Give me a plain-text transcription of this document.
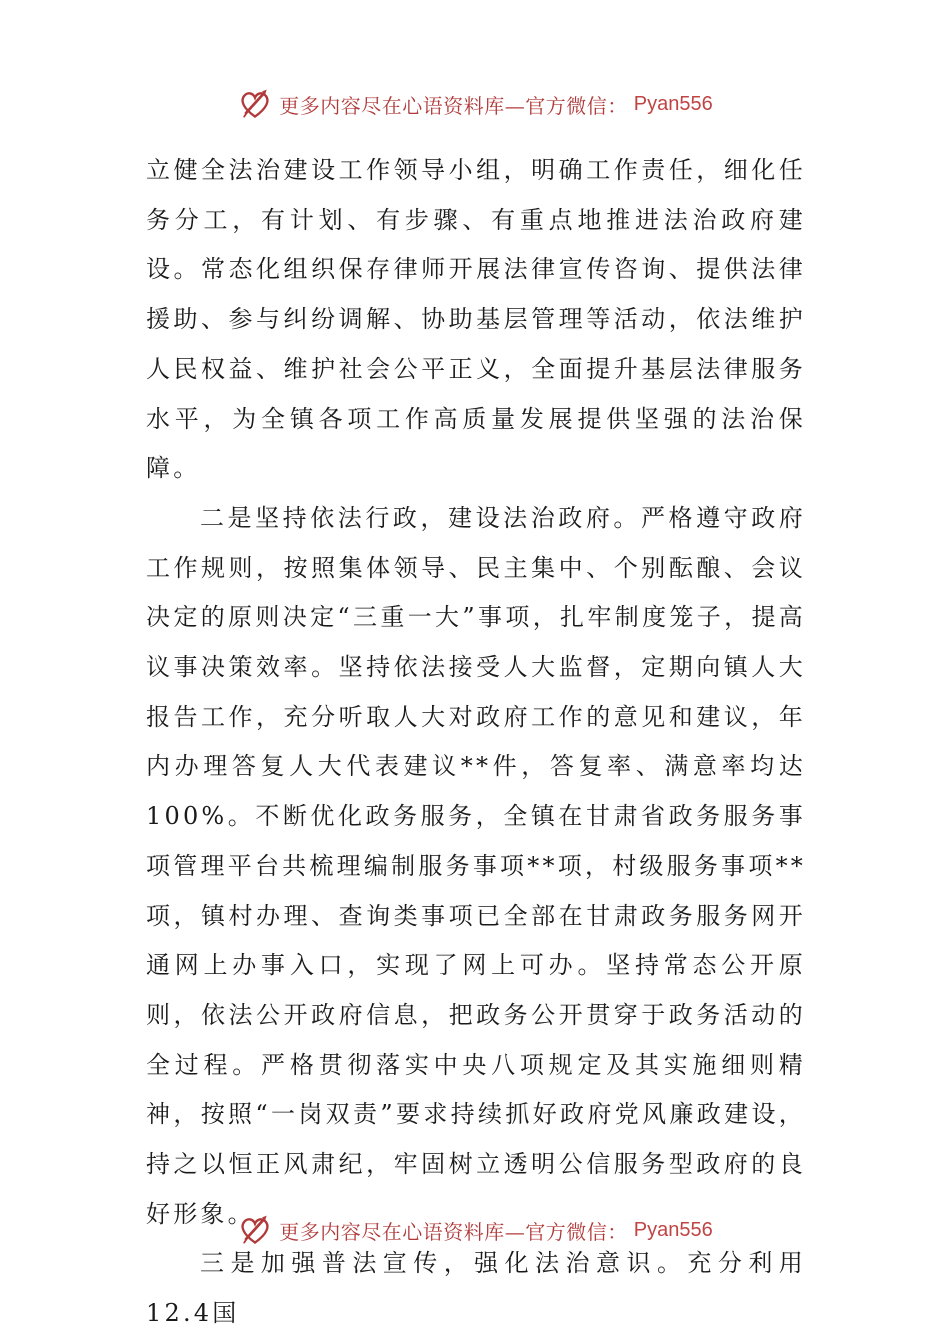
更多内容尽在心语资料库—官方微信： Pyan556

立健全法治建设工作领导小组，明确工作责任，细化任务分工，有计划、有步骤、有重点地推进法治政府建设。常态化组织保存律师开展法律宣传咨询、提供法律援助、参与纠纷调解、协助基层管理等活动，依法维护人民权益、维护社会公平正义，全面提升基层法律服务水平，为全镇各项工作高质量发展提供坚强的法治保障。

二是坚持依法行政，建设法治政府。严格遵守政府工作规则，按照集体领导、民主集中、个别酝酿、会议决定的原则决定“三重一大”事项，扎牢制度笼子，提高议事决策效率。坚持依法接受人大监督，定期向镇人大报告工作，充分听取人大对政府工作的意见和建议，年内办理答复人大代表建议**件，答复率、满意率均达100%。不断优化政务服务，全镇在甘肃省政务服务事项管理平台共梳理编制服务事项**项，村级服务事项**项，镇村办理、查询类事项已全部在甘肃政务服务网开通网上办事入口，实现了网上可办。坚持常态公开原则，依法公开政府信息，把政务公开贯穿于政务活动的全过程。严格贯彻落实中央八项规定及其实施细则精神，按照“一岗双责”要求持续抓好政府党风廉政建设，持之以恒正风肃纪，牢固树立透明公信服务型政府的良好形象。

三是加强普法宣传，强化法治意识。充分利用12.4国

更多内容尽在心语资料库—官方微信： Pyan556
